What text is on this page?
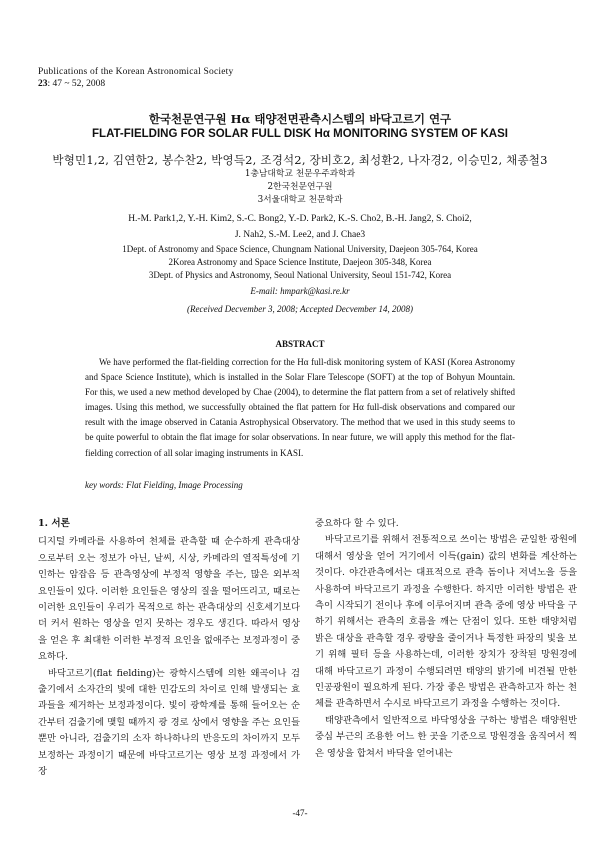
Publications of the Korean Astronomical Society
23: 47 ~ 52, 2008
한국천문연구원 Hα 태양전면관측시스템의 바닥고르기 연구
FLAT-FIELDING FOR SOLAR FULL DISK Hα MONITORING SYSTEM OF KASI
박형민1,2, 김연한2, 봉수찬2, 박영득2, 조경석2, 장비호2, 최성환2, 나자경2, 이승민2, 채종철3
1충남대학교 천문우주과학과
2한국천문연구원
3서울대학교 천문학과
H.-M. Park1,2, Y.-H. Kim2, S.-C. Bong2, Y.-D. Park2, K.-S. Cho2, B.-H. Jang2, S. Choi2,
J. Nah2, S.-M. Lee2, and J. Chae3
1Dept. of Astronomy and Space Science, Chungnam National University, Daejeon 305-764, Korea
2Korea Astronomy and Space Science Institute, Daejeon 305-348, Korea
3Dept. of Physics and Astronomy, Seoul National University, Seoul 151-742, Korea
E-mail: hmpark@kasi.re.kr
(Received Decvember 3, 2008; Accepted Decvember 14, 2008)
ABSTRACT
We have performed the flat-fielding correction for the Hα full-disk monitoring system of KASI (Korea Astronomy and Space Science Institute), which is installed in the Solar Flare Telescope (SOFT) at the top of Bohyun Mountain. For this, we used a new method developed by Chae (2004), to determine the flat pattern from a set of relatively shifted images. Using this method, we successfully obtained the flat pattern for Hα full-disk observations and compared our result with the image observed in Catania Astrophysical Observatory. The method that we used in this study seems to be quite powerful to obtain the flat image for solar observations. In near future, we will apply this method for the flat-fielding correction of all solar imaging instruments in KASI.
key words: Flat Fielding, Image Processing
1. 서론

디지털 카메라를 사용하여 천체를 관측할 때 순수하게 관측대상으로부터 오는 정보가 아닌, 날씨, 시상, 카메라의 열적특성에 기인하는 암잡음 등 관측영상에 부정적 영향을 주는, 많은 외부적 요인들이 있다. 이러한 요인들은 영상의 질을 떨어뜨리고, 때로는 이러한 요인들이 우리가 목적으로 하는 관측대상의 신호세기보다 더 커서 원하는 영상을 얻지 못하는 경우도 생긴다. 따라서 영상을 얻은 후 최대한 이러한 부정적 요인을 없애주는 보정과정이 중요하다.

바닥고르기(flat fielding)는 광학시스템에 의한 왜곡이나 검출기에서 소자간의 빛에 대한 민감도의 차이로 인해 발생되는 효과들을 제거하는 보정과정이다. 빛이 광학계를 통해 들어오는 순간부터 검출기에 맺힐 때까지 광 경로 상에서 영향을 주는 요인들뿐만 아니라, 검출기의 소자 하나하나의 반응도의 차이까지 모두 보정하는 과정이기 때문에 바닥고르기는 영상 보정 과정에서 가장

중요하다 할 수 있다.

바닥고르기를 위해서 전통적으로 쓰이는 방법은 균일한 광원에 대해서 영상을 얻어 거기에서 이득(gain) 값의 변화를 계산하는 것이다. 야간관측에서는 대표적으로 관측 돔이나 저녁노을 등을 사용하여 바닥고르기 과정을 수행한다. 하지만 이러한 방법은 관측이 시작되기 전이나 후에 이루어지며 관측 중에 영상 바닥을 구하기 위해서는 관측의 흐름을 깨는 단점이 있다. 또한 태양처럼 밝은 대상을 관측할 경우 광량을 줄이거나 특정한 파장의 빛을 보기 위해 필터 등을 사용하는데, 이러한 장치가 장착된 망원경에 대해 바닥고르기 과정이 수행되려면 태양의 밝기에 비견될 만한 인공광원이 필요하게 된다. 가장 좋은 방법은 관측하고자 하는 천체를 관측하면서 수시로 바닥고르기 과정을 수행하는 것이다.

태양관측에서 일반적으로 바닥영상을 구하는 방법은 태양원반 중심 부근의 조용한 어느 한 곳을 기준으로 망원경을 움직여서 찍은 영상을 합쳐서 바닥을 얻어내는

-47-
